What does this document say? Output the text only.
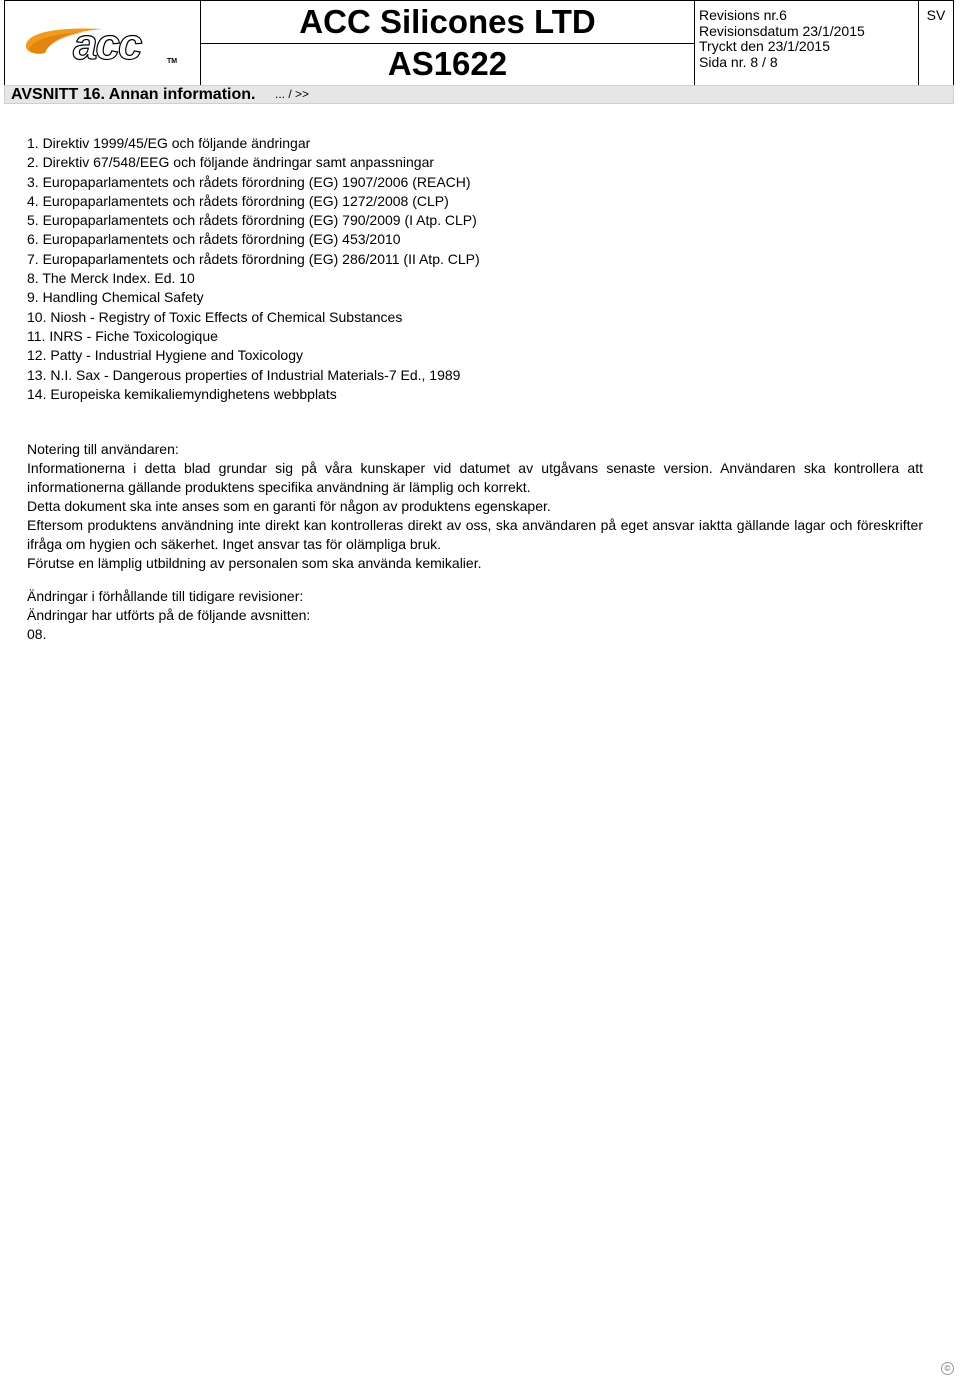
acc	TM
ACC Silicones LTD
AS1622
Revisions nr.6
Revisionsdatum 23/1/2015
Tryckt den 23/1/2015
Sida nr. 8 / 8
SV
AVSNITT 16. Annan information. ... / >>
1. Direktiv 1999/45/EG och följande ändringar
2. Direktiv 67/548/EEG och följande ändringar samt anpassningar
3. Europaparlamentets och rådets förordning (EG) 1907/2006 (REACH)
4. Europaparlamentets och rådets förordning (EG) 1272/2008 (CLP)
5. Europaparlamentets och rådets förordning (EG) 790/2009 (I Atp. CLP)
6. Europaparlamentets och rådets förordning (EG) 453/2010
7. Europaparlamentets och rådets förordning (EG) 286/2011 (II Atp. CLP)
8. The Merck Index. Ed. 10
9. Handling Chemical Safety
10. Niosh - Registry of Toxic Effects of Chemical Substances
11. INRS - Fiche Toxicologique
12. Patty - Industrial Hygiene and Toxicology
13. N.I. Sax - Dangerous properties of Industrial Materials-7 Ed., 1989
14. Europeiska kemikaliemyndighetens webbplats
Notering till användaren:
Informationerna i detta blad grundar sig på våra kunskaper vid datumet av utgåvans senaste version. Användaren ska kontrollera att informationerna gällande produktens specifika användning är lämplig och korrekt.
Detta dokument ska inte anses som en garanti för någon av produktens egenskaper.
Eftersom produktens användning inte direkt kan kontrolleras direkt av oss, ska användaren på eget ansvar iaktta gällande lagar och föreskrifter ifråga om hygien och säkerhet. Inget ansvar tas för olämpliga bruk.
Förutse en lämplig utbildning av personalen som ska använda kemikalier.
Ändringar i förhållande till tidigare revisioner:
Ändringar har utförts på de följande avsnitten:
08.
©
